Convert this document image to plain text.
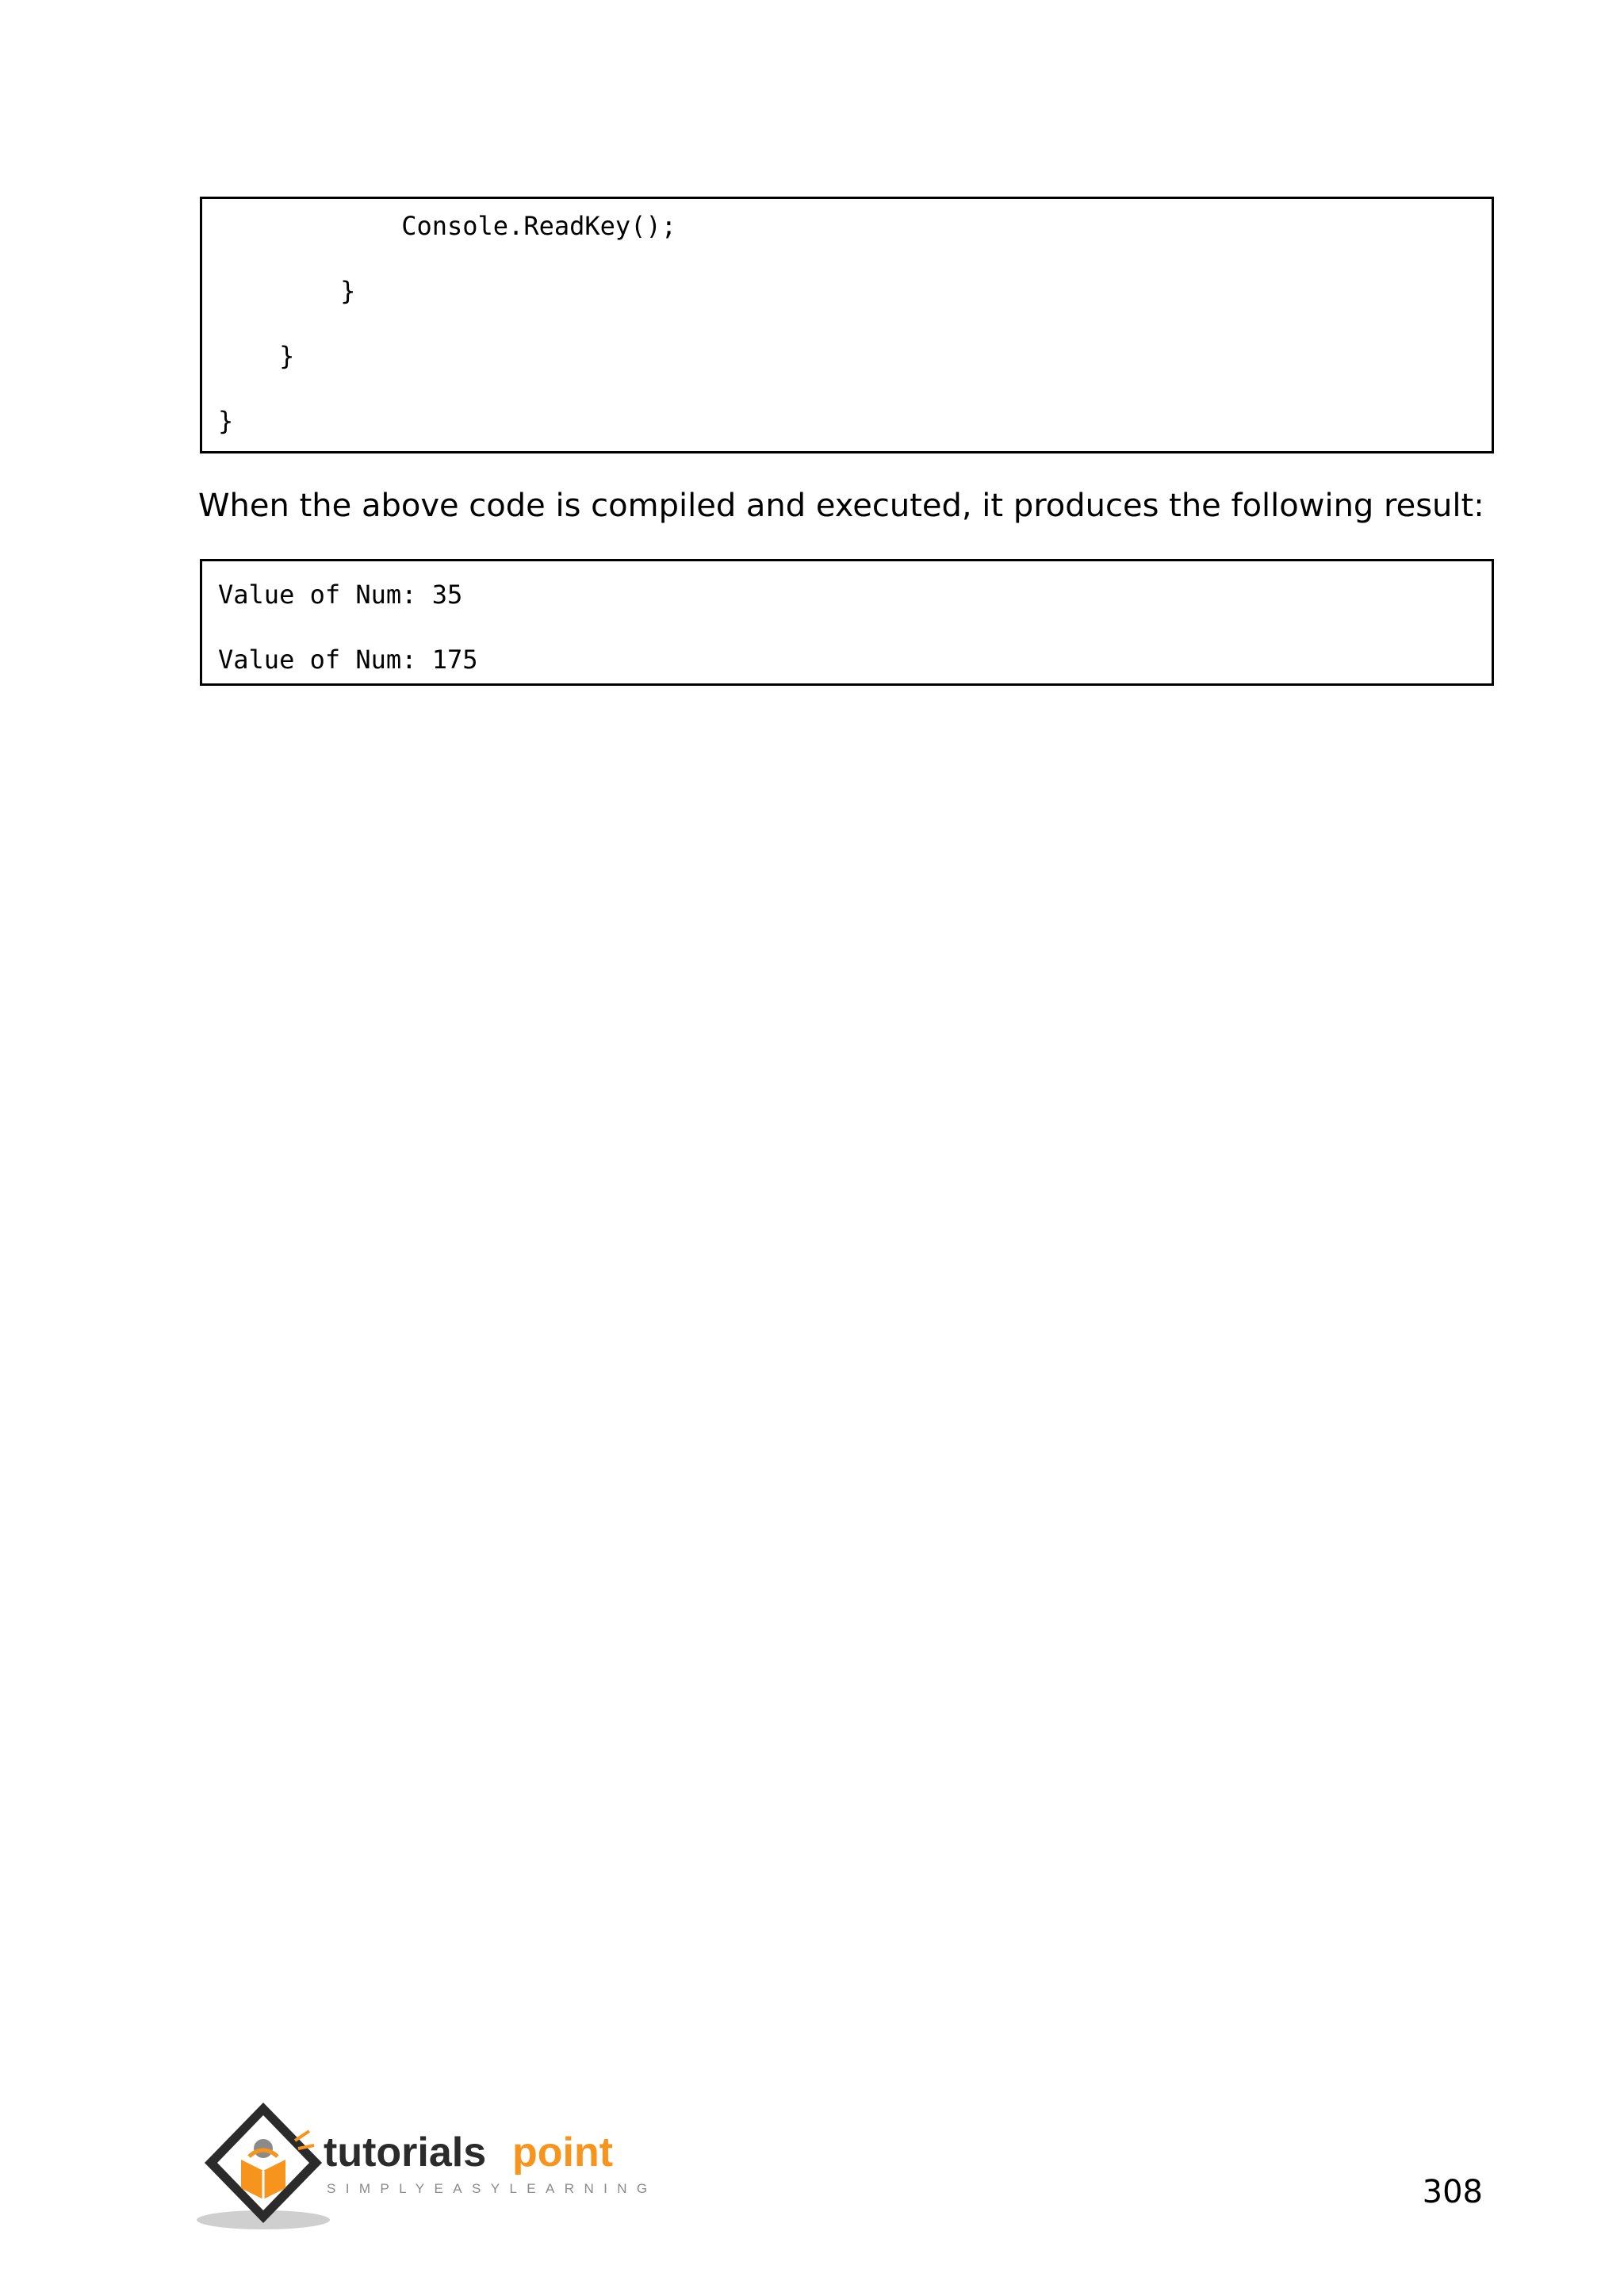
Console.ReadKey();
}
}
}
When the above code is compiled and executed, it produces the following result:
Value of Num: 35
Value of Num: 175
tutorials point
SIMPLYEASYLEARNING	308
